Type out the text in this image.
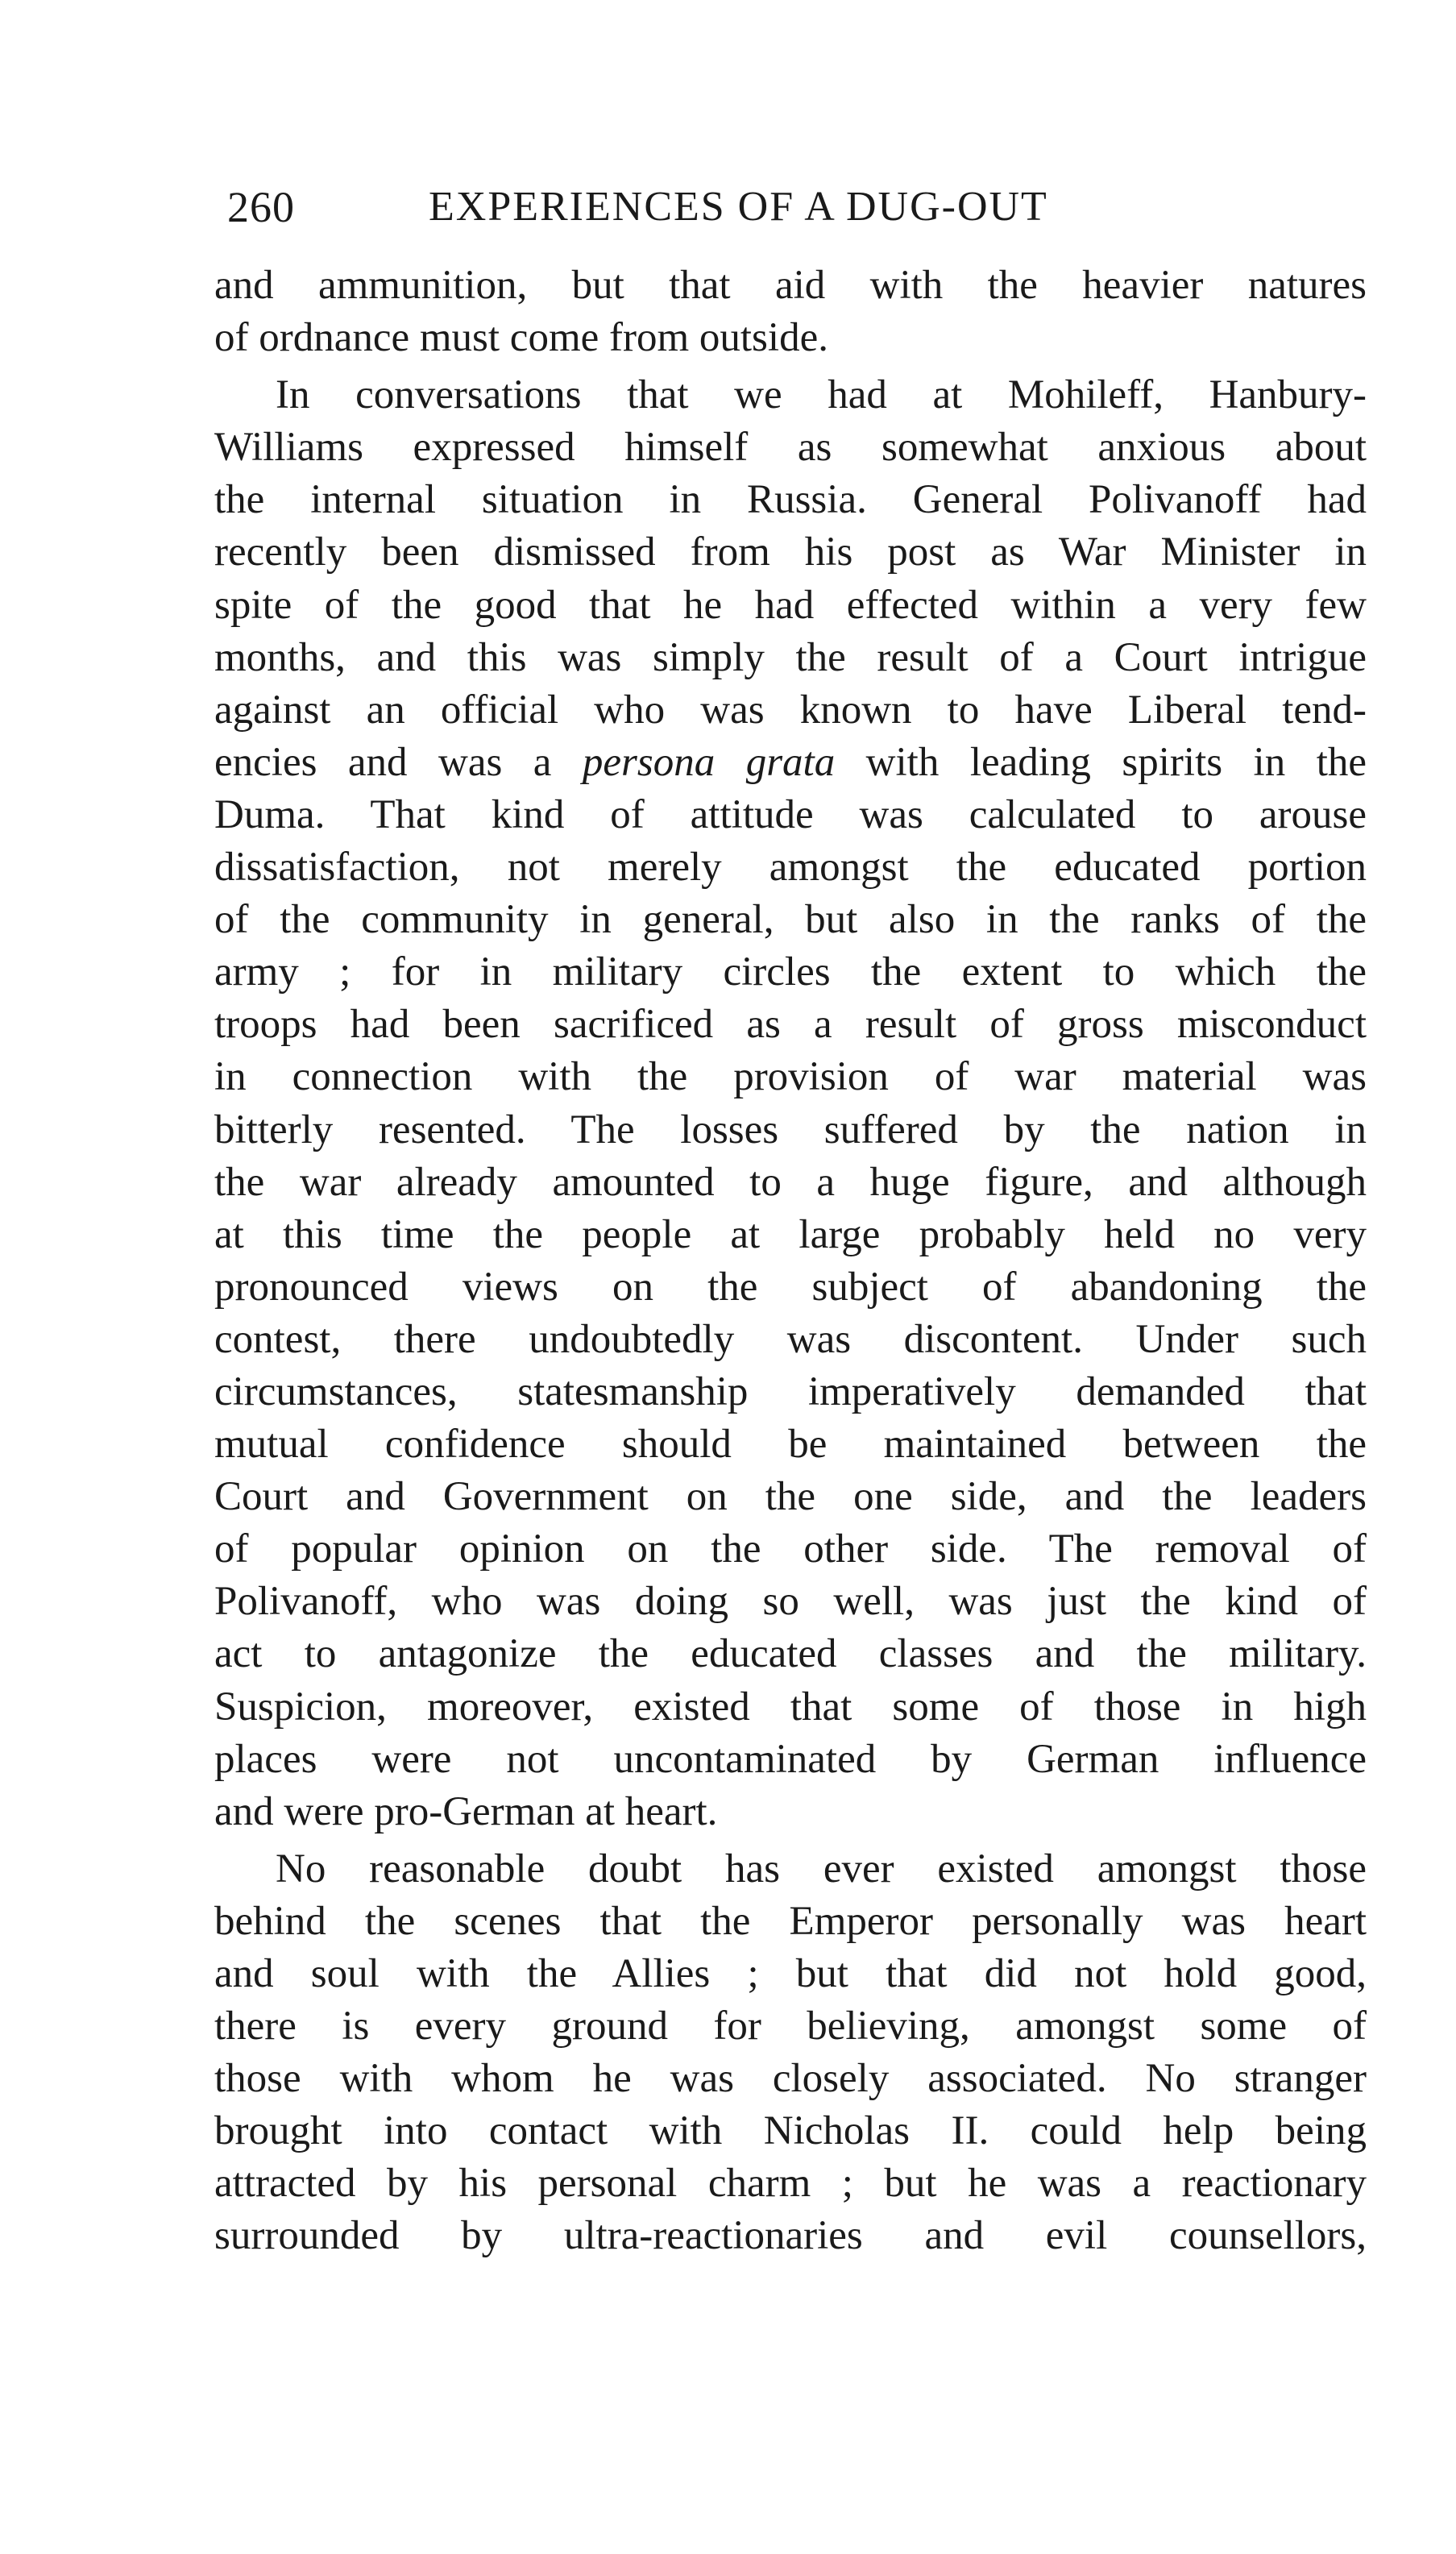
260	EXPERIENCES OF A DUG-OUT
and ammunition, but that aid with the heavier natures
of ordnance must come from outside.
In conversations that we had at Mohileff, Hanbury-
Williams expressed himself as somewhat anxious about
the internal situation in Russia. General Polivanoff had
recently been dismissed from his post as War Minister in
spite of the good that he had effected within a very few
months, and this was simply the result of a Court intrigue
against an official who was known to have Liberal tend-
encies and was a persona grata with leading spirits in the
Duma. That kind of attitude was calculated to arouse
dissatisfaction, not merely amongst the educated portion
of the community in general, but also in the ranks of the
army ; for in military circles the extent to which the
troops had been sacrificed as a result of gross misconduct
in connection with the provision of war material was
bitterly resented. The losses suffered by the nation in
the war already amounted to a huge figure, and although
at this time the people at large probably held no very
pronounced views on the subject of abandoning the
contest, there undoubtedly was discontent. Under such
circumstances, statesmanship imperatively demanded that
mutual confidence should be maintained between the
Court and Government on the one side, and the leaders
of popular opinion on the other side. The removal of
Polivanoff, who was doing so well, was just the kind of
act to antagonize the educated classes and the military.
Suspicion, moreover, existed that some of those in high
places were not uncontaminated by German influence
and were pro-German at heart.
No reasonable doubt has ever existed amongst those
behind the scenes that the Emperor personally was heart
and soul with the Allies ; but that did not hold good,
there is every ground for believing, amongst some of
those with whom he was closely associated. No stranger
brought into contact with Nicholas II. could help being
attracted by his personal charm ; but he was a reactionary
surrounded by ultra-reactionaries and evil counsellors,
